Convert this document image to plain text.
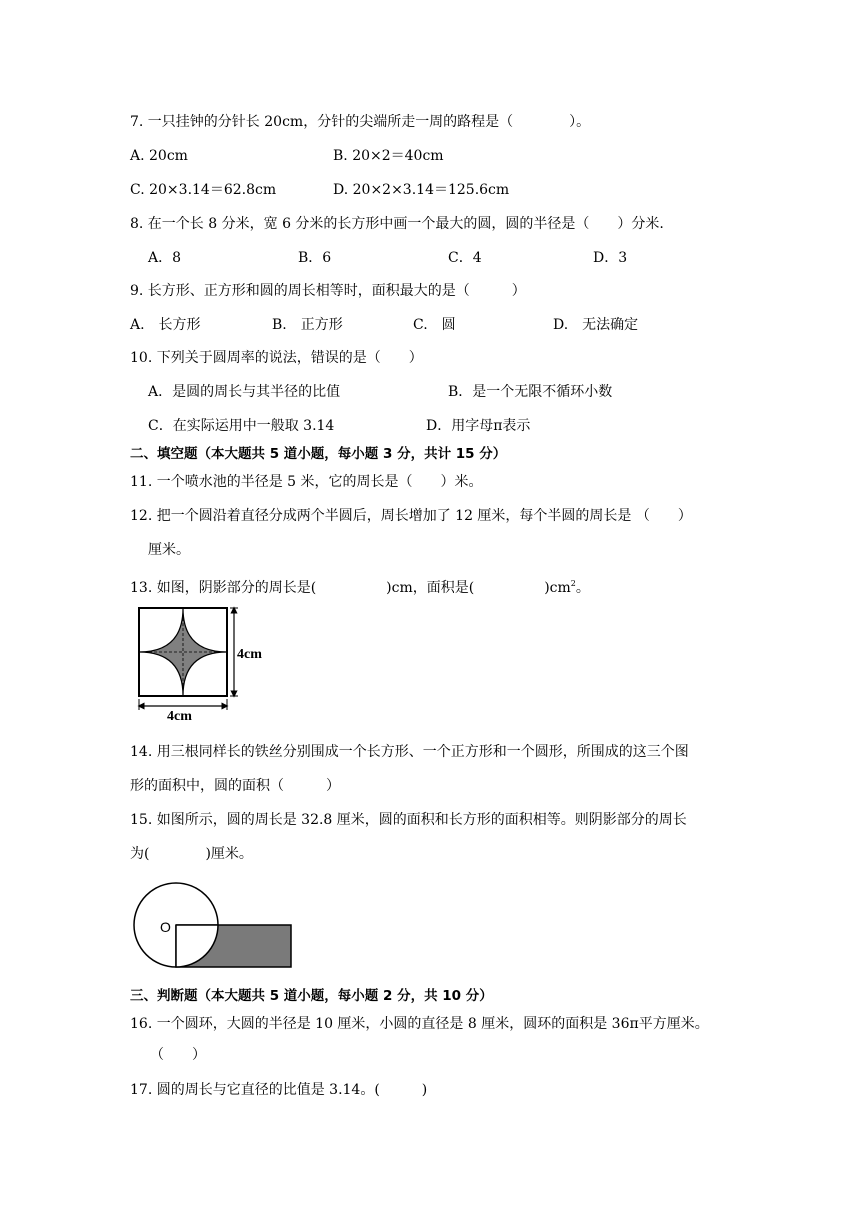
7. 一只挂钟的分针长 20cm，分针的尖端所走一周的路程是（　　　　）。
A. 20cm	B. 20×2＝40cm
C. 20×3.14＝62.8cm	D. 20×2×3.14＝125.6cm
8. 在一个长 8 分米，宽 6 分米的长方形中画一个最大的圆，圆的半径是（　　）分米.
A．8	B．6	C．4	D．3
9. 长方形、正方形和圆的周长相等时，面积最大的是（　　　）
A.　长方形	B.　正方形	C.　圆	D.　无法确定
10. 下列关于圆周率的说法，错误的是（　　）
A．是圆的周长与其半径的比值	B．是一个无限不循环小数
C．在实际运用中一般取 3.14	D．用字母π表示
二、填空题（本大题共 5 道小题，每小题 3 分，共计 15 分）
11. 一个喷水池的半径是 5 米，它的周长是（　　）米。
12. 把一个圆沿着直径分成两个半圆后，周长增加了 12 厘米，每个半圆的周长是 （　　）
厘米。
13. 如图，阴影部分的周长是(　　　　　)cm，面积是(　　　　　)$cm^2$。
4cm
4cm
14. 用三根同样长的铁丝分别围成一个长方形、一个正方形和一个圆形，所围成的这三个图
形的面积中，圆的面积（　　　）
15. 如图所示，圆的周长是 32.8 厘米，圆的面积和长方形的面积相等。则阴影部分的周长
为(　　　　)厘米。
O
三、判断题（本大题共 5 道小题，每小题 2 分，共 10 分）
16. 一个圆环，大圆的半径是 10 厘米，小圆的直径是 8 厘米，圆环的面积是 36π平方厘米。
（　　）
17. 圆的周长与它直径的比值是 3.14。(　　　)
